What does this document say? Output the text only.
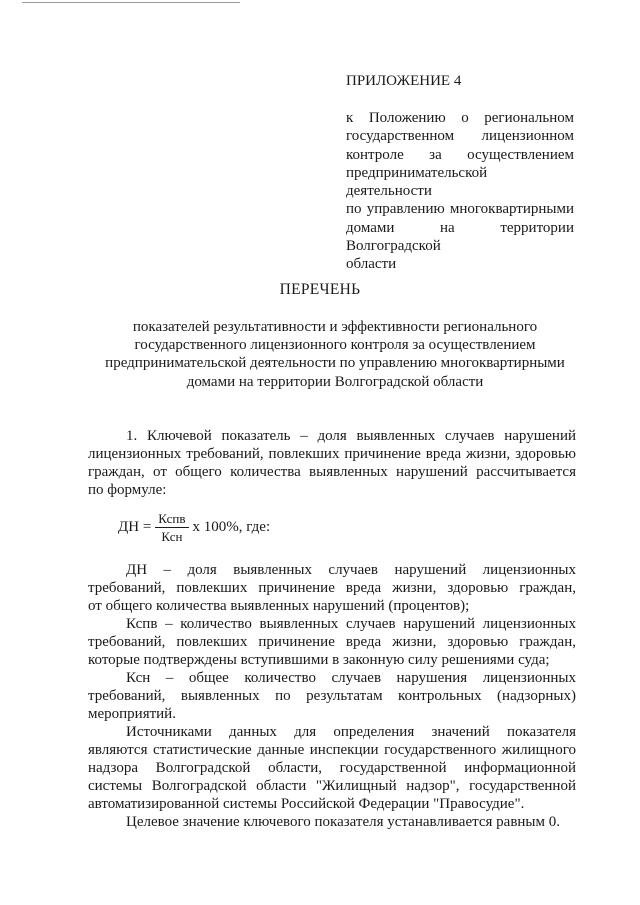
ПРИЛОЖЕНИЕ 4
к Положению о региональном
государственном лицензионном
контроле за осуществлением
предпринимательской деятельности
по управлению многоквартирными
домами на территории Волгоградской
области
ПЕРЕЧЕНЬ
показателей результативности и эффективности регионального
государственного лицензионного контроля за осуществлением
предпринимательской деятельности по управлению многоквартирными
домами на территории Волгоградской области
1. Ключевой показатель – доля выявленных случаев нарушений
лицензионных требований, повлекших причинение вреда жизни, здоровью
граждан, от общего количества выявленных нарушений рассчитывается
по формуле:
ДН = $\frac{\text{Кспв}}{\text{Ксн}}$ х 100%, где:
ДН – доля выявленных случаев нарушений лицензионных
требований, повлекших причинение вреда жизни, здоровью граждан,
от общего количества выявленных нарушений (процентов);
Кспв – количество выявленных случаев нарушений лицензионных
требований, повлекших причинение вреда жизни, здоровью граждан,
которые подтверждены вступившими в законную силу решениями суда;
Ксн – общее количество случаев нарушения лицензионных
требований, выявленных по результатам контрольных (надзорных)
мероприятий.
Источниками данных для определения значений показателя
являются статистические данные инспекции государственного жилищного
надзора Волгоградской области, государственной информационной
системы Волгоградской области "Жилищный надзор", государственной
автоматизированной системы Российской Федерации "Правосудие".
Целевое значение ключевого показателя устанавливается равным 0.
